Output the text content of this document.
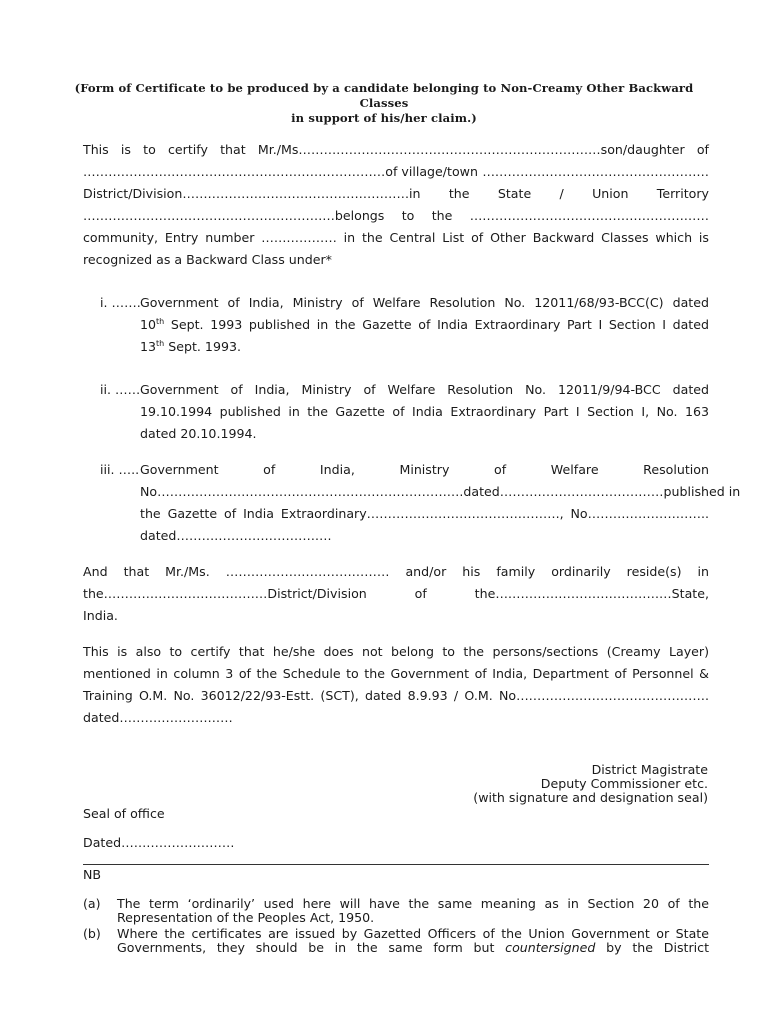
(Form of Certificate to be produced by a candidate belonging to Non-Creamy Other Backward Classes
in support of his/her claim.)
This is to certify that Mr./Ms………………………………………………………………son/daughter of
………………………………………………………………of village/town ………………………………………………
District/Division………………………………………………in the State / Union Territory
……………………………………………………belongs to the …………………………………………………
community, Entry number ……………… in the Central List of Other Backward Classes which is
recognized as a Backward Class under*
i. ……. Government of India, Ministry of Welfare Resolution No. 12011/68/93-BCC(C) dated
10th Sept. 1993 published in the Gazette of India Extraordinary Part I Section I dated
13th Sept. 1993.
ii. …… Government of India, Ministry of Welfare Resolution No. 12011/9/94-BCC dated
19.10.1994 published in the Gazette of India Extraordinary Part I Section I, No. 163
dated 20.10.1994.
iii. ….. Government of India, Ministry of Welfare Resolution
No……………………………………………………………….dated…………………………………published in
the Gazette of India Extraordinary………………………………………., No………………………..
dated……………………………….
And that Mr./Ms. ………………………………… and/or his family ordinarily reside(s) in
the…………………………………District/Division of the……………………………………State,
India.
This is also to certify that he/she does not belong to the persons/sections (Creamy Layer)
mentioned in column 3 of the Schedule to the Government of India, Department of Personnel &
Training O.M. No. 36012/22/93-Estt. (SCT), dated 8.9.93 / O.M. No……………………………………….
dated………………………
District Magistrate
Deputy Commissioner etc.
(with signature and designation seal)
Seal of office
Dated………………………
NB
(a) The term ‘ordinarily’ used here will have the same meaning as in Section 20 of the
Representation of the Peoples Act, 1950.
(b) Where the certificates are issued by Gazetted Officers of the Union Government or State
Governments, they should be in the same form but countersigned by the District
